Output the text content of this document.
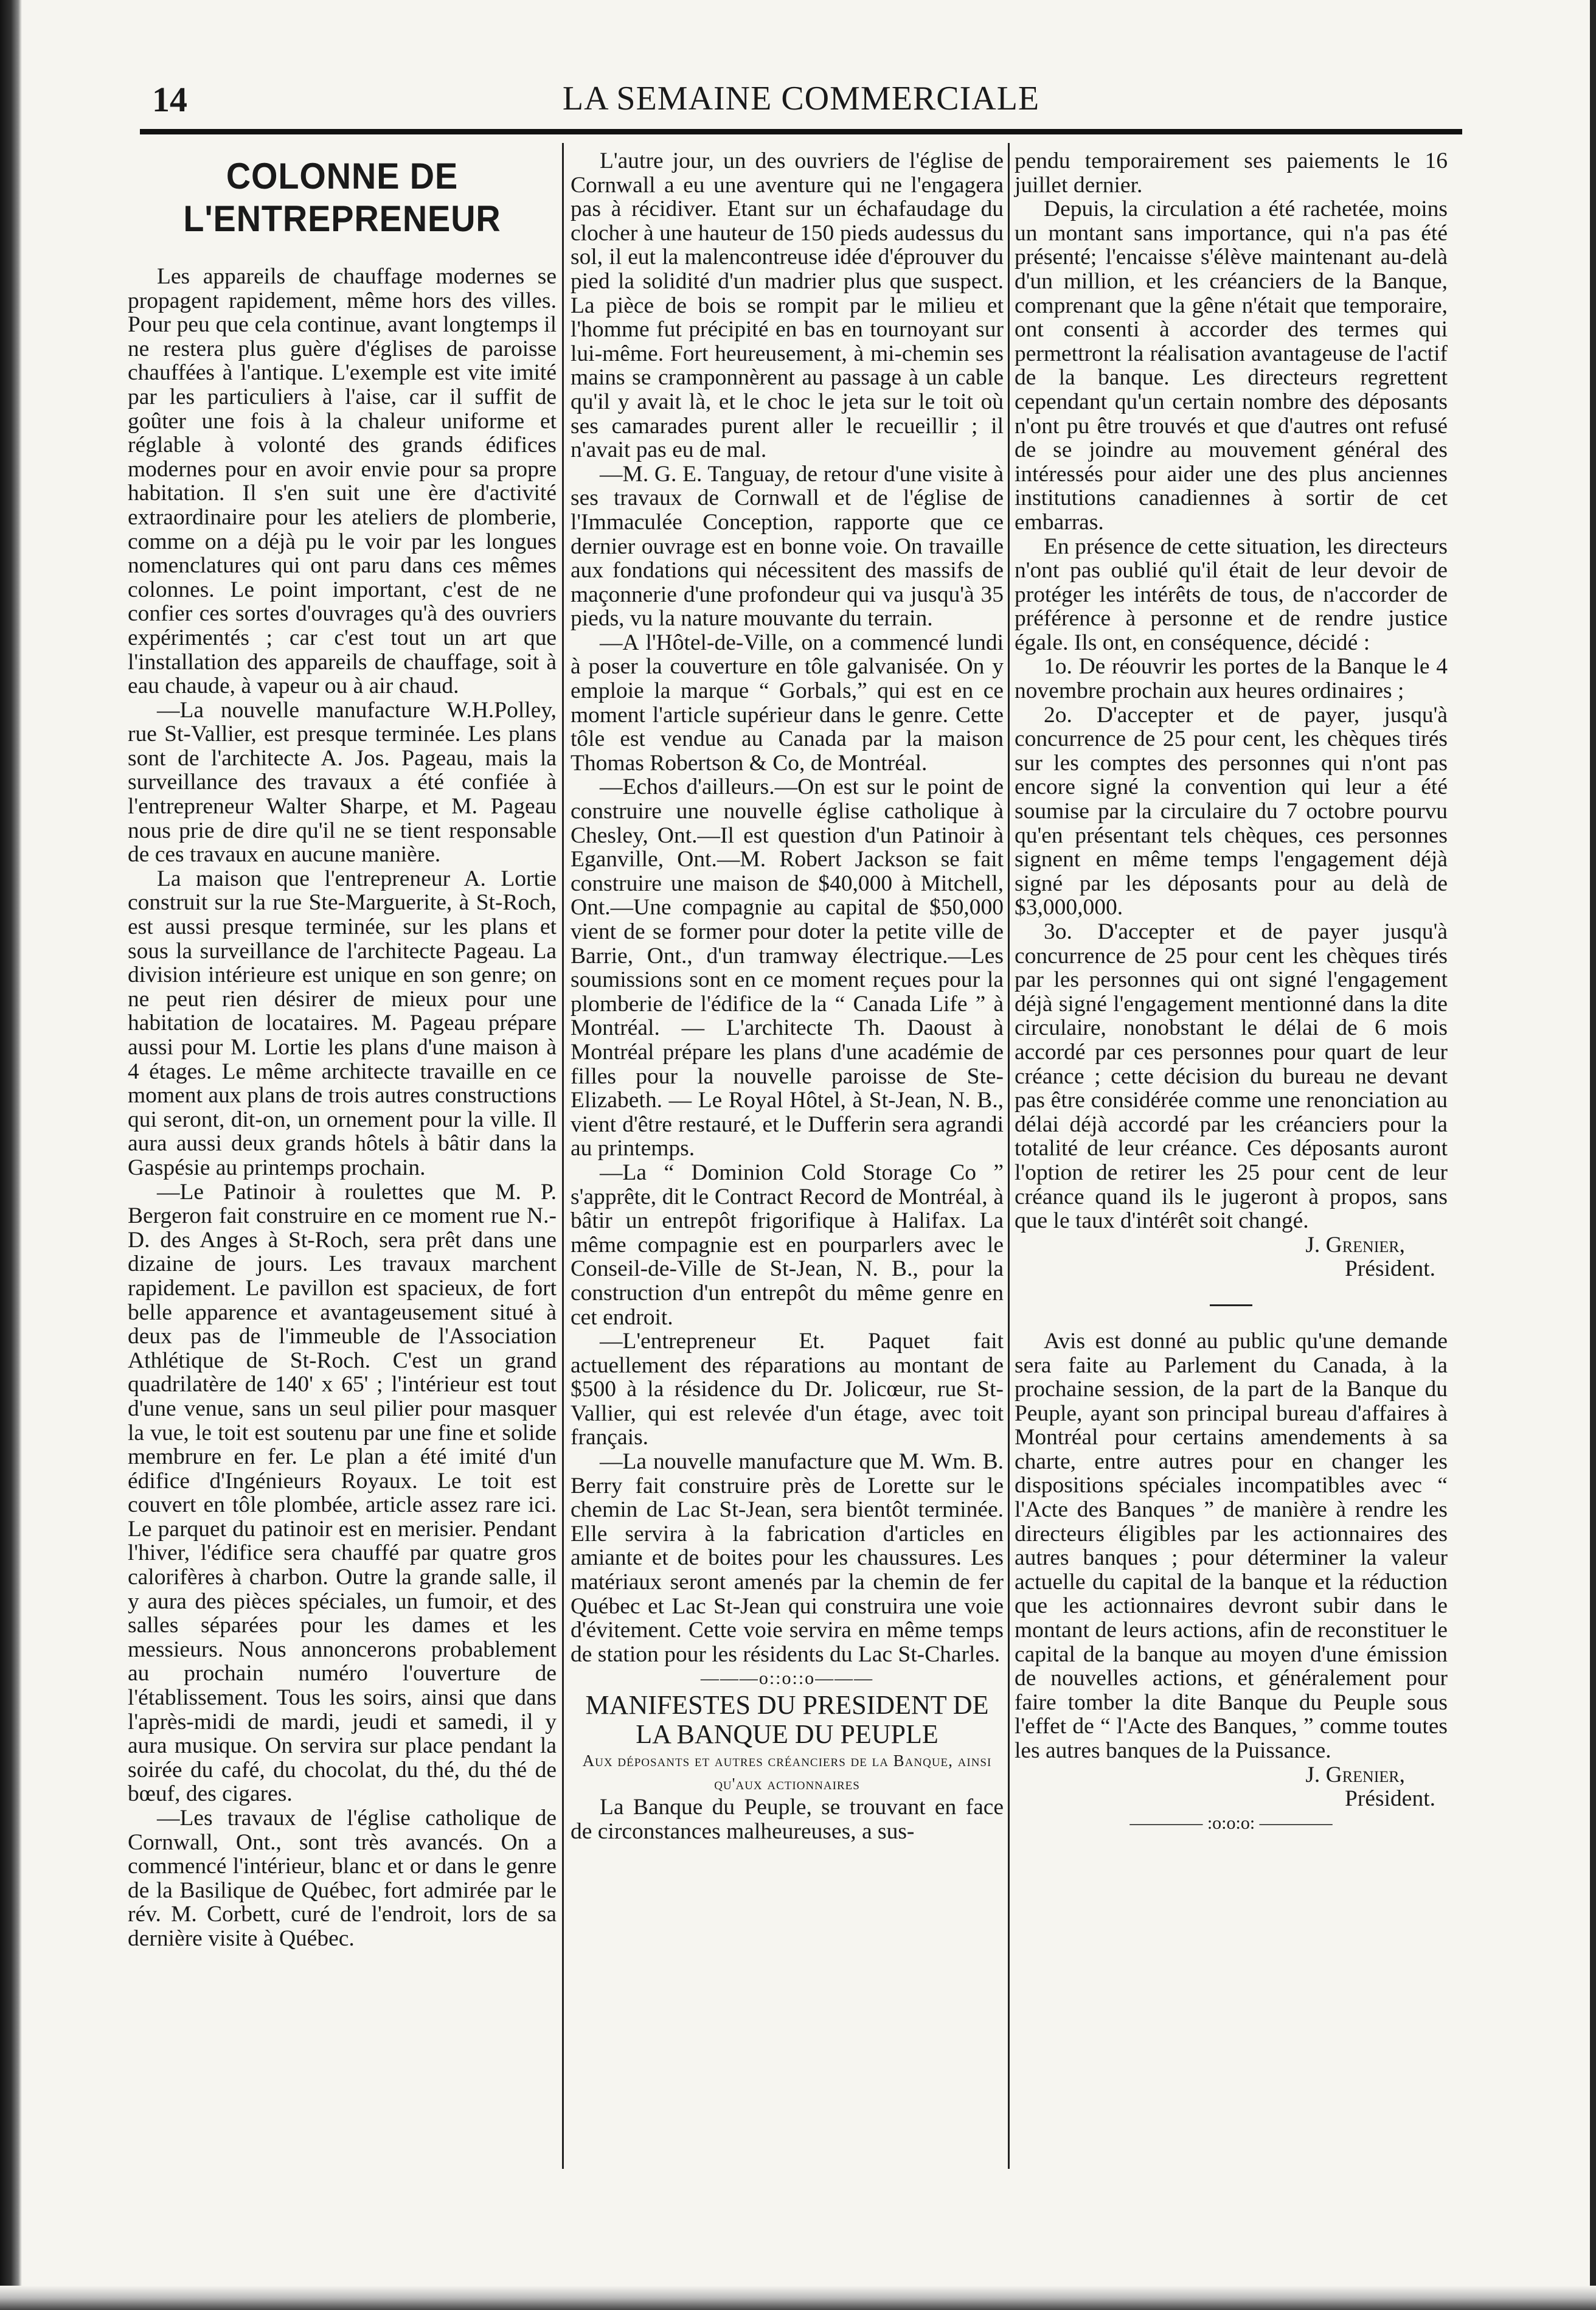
14	LA SEMAINE COMMERCIALE
COLONNE DE L'ENTREPRENEUR

Les appareils de chauffage modernes se propagent rapidement, même hors des villes. Pour peu que cela continue, avant longtemps il ne restera plus guère d'églises de paroisse chauffées à l'antique. L'exemple est vite imité par les particuliers à l'aise, car il suffit de goûter une fois à la chaleur uniforme et réglable à volonté des grands édifices modernes pour en avoir envie pour sa propre habitation. Il s'en suit une ère d'activité extraordinaire pour les ateliers de plomberie, comme on a déjà pu le voir par les longues nomenclatures qui ont paru dans ces mêmes colonnes. Le point important, c'est de ne confier ces sortes d'ouvrages qu'à des ouvriers expérimentés ; car c'est tout un art que l'installation des appareils de chauffage, soit à eau chaude, à vapeur ou à air chaud.

—La nouvelle manufacture W.H.Polley, rue St-Vallier, est presque terminée. Les plans sont de l'architecte A. Jos. Pageau, mais la surveillance des travaux a été confiée à l'entrepreneur Walter Sharpe, et M. Pageau nous prie de dire qu'il ne se tient responsable de ces travaux en aucune manière.

La maison que l'entrepreneur A. Lortie construit sur la rue Ste-Marguerite, à St-Roch, est aussi presque terminée, sur les plans et sous la surveillance de l'architecte Pageau. La division intérieure est unique en son genre; on ne peut rien désirer de mieux pour une habitation de locataires. M. Pageau prépare aussi pour M. Lortie les plans d'une maison à 4 étages. Le même architecte travaille en ce moment aux plans de trois autres constructions qui seront, dit-on, un ornement pour la ville. Il aura aussi deux grands hôtels à bâtir dans la Gaspésie au printemps prochain.

—Le Patinoir à roulettes que M. P. Bergeron fait construire en ce moment rue N.-D. des Anges à St-Roch, sera prêt dans une dizaine de jours. Les travaux marchent rapidement. Le pavillon est spacieux, de fort belle apparence et avantageusement situé à deux pas de l'immeuble de l'Association Athlétique de St-Roch. C'est un grand quadrilatère de 140' x 65' ; l'intérieur est tout d'une venue, sans un seul pilier pour masquer la vue, le toit est soutenu par une fine et solide membrure en fer. Le plan a été imité d'un édifice d'Ingénieurs Royaux. Le toit est couvert en tôle plombée, article assez rare ici. Le parquet du patinoir est en merisier. Pendant l'hiver, l'édifice sera chauffé par quatre gros calorifères à charbon. Outre la grande salle, il y aura des pièces spéciales, un fumoir, et des salles séparées pour les dames et les messieurs. Nous annoncerons probablement au prochain numéro l'ouverture de l'établissement. Tous les soirs, ainsi que dans l'après-midi de mardi, jeudi et samedi, il y aura musique. On servira sur place pendant la soirée du café, du chocolat, du thé, du thé de bœuf, des cigares.

—Les travaux de l'église catholique de Cornwall, Ont., sont très avancés. On a commencé l'intérieur, blanc et or dans le genre de la Basilique de Québec, fort admirée par le rév. M. Corbett, curé de l'endroit, lors de sa dernière visite à Québec.

L'autre jour, un des ouvriers de l'église de Cornwall a eu une aventure qui ne l'engagera pas à récidiver. Etant sur un échafaudage du clocher à une hauteur de 150 pieds audessus du sol, il eut la malencontreuse idée d'éprouver du pied la solidité d'un madrier plus que suspect. La pièce de bois se rompit par le milieu et l'homme fut précipité en bas en tournoyant sur lui-même. Fort heureusement, à mi-chemin ses mains se cramponnèrent au passage à un cable qu'il y avait là, et le choc le jeta sur le toit où ses camarades purent aller le recueillir ; il n'avait pas eu de mal.

—M. G. E. Tanguay, de retour d'une visite à ses travaux de Cornwall et de l'église de l'Immaculée Conception, rapporte que ce dernier ouvrage est en bonne voie. On travaille aux fondations qui nécessitent des massifs de maçonnerie d'une profondeur qui va jusqu'à 35 pieds, vu la nature mouvante du terrain.

—A l'Hôtel-de-Ville, on a commencé lundi à poser la couverture en tôle galvanisée. On y emploie la marque “ Gorbals,” qui est en ce moment l'article supérieur dans le genre. Cette tôle est vendue au Canada par la maison Thomas Robertson & Co, de Montréal.

—Echos d'ailleurs.—On est sur le point de construire une nouvelle église catholique à Chesley, Ont.—Il est question d'un Patinoir à Eganville, Ont.—M. Robert Jackson se fait construire une maison de $40,000 à Mitchell, Ont.—Une compagnie au capital de $50,000 vient de se former pour doter la petite ville de Barrie, Ont., d'un tramway électrique.—Les soumissions sont en ce moment reçues pour la plomberie de l'édifice de la “ Canada Life ” à Montréal. — L'architecte Th. Daoust à Montréal prépare les plans d'une académie de filles pour la nouvelle paroisse de Ste-Elizabeth. — Le Royal Hôtel, à St-Jean, N. B., vient d'être restauré, et le Dufferin sera agrandi au printemps.

—La “ Dominion Cold Storage Co ” s'apprête, dit le Contract Record de Montréal, à bâtir un entrepôt frigorifique à Halifax. La même compagnie est en pourparlers avec le Conseil-de-Ville de St-Jean, N. B., pour la construction d'un entrepôt du même genre en cet endroit.

—L'entrepreneur Et. Paquet fait actuellement des réparations au montant de $500 à la résidence du Dr. Jolicœur, rue St-Vallier, qui est relevée d'un étage, avec toit français.

—La nouvelle manufacture que M. Wm. B. Berry fait construire près de Lorette sur le chemin de Lac St-Jean, sera bientôt terminée. Elle servira à la fabrication d'articles en amiante et de boites pour les chaussures. Les matériaux seront amenés par la chemin de fer Québec et Lac St-Jean qui construira une voie d'évitement. Cette voie servira en même temps de station pour les résidents du Lac St-Charles.

———o::o::o———

MANIFESTES DU PRESIDENT DE LA BANQUE DU PEUPLE

Aux déposants et autres créanciers de la Banque, ainsi qu'aux actionnaires

La Banque du Peuple, se trouvant en face de circonstances malheureuses, a sus-

pendu temporairement ses paiements le 16 juillet dernier.

Depuis, la circulation a été rachetée, moins un montant sans importance, qui n'a pas été présenté; l'encaisse s'élève maintenant au-delà d'un million, et les créanciers de la Banque, comprenant que la gêne n'était que temporaire, ont consenti à accorder des termes qui permettront la réalisation avantageuse de l'actif de la banque. Les directeurs regrettent cependant qu'un certain nombre des déposants n'ont pu être trouvés et que d'autres ont refusé de se joindre au mouvement général des intéressés pour aider une des plus anciennes institutions canadiennes à sortir de cet embarras.

En présence de cette situation, les directeurs n'ont pas oublié qu'il était de leur devoir de protéger les intérêts de tous, de n'accorder de préférence à personne et de rendre justice égale. Ils ont, en conséquence, décidé :

1o. De réouvrir les portes de la Banque le 4 novembre prochain aux heures ordinaires ;

2o. D'accepter et de payer, jusqu'à concurrence de 25 pour cent, les chèques tirés sur les comptes des personnes qui n'ont pas encore signé la convention qui leur a été soumise par la circulaire du 7 octobre pourvu qu'en présentant tels chèques, ces personnes signent en même temps l'engagement déjà signé par les déposants pour au delà de $3,000,000.

3o. D'accepter et de payer jusqu'à concurrence de 25 pour cent les chèques tirés par les personnes qui ont signé l'engagement déjà signé l'engagement mentionné dans la dite circulaire, nonobstant le délai de 6 mois accordé par ces personnes pour quart de leur créance ; cette décision du bureau ne devant pas être considérée comme une renonciation au délai déjà accordé par les créanciers pour la totalité de leur créance. Ces déposants auront l'option de retirer les 25 pour cent de leur créance quand ils le jugeront à propos, sans que le taux d'intérêt soit changé.

J. Grenier,

Président.

Avis est donné au public qu'une demande sera faite au Parlement du Canada, à la prochaine session, de la part de la Banque du Peuple, ayant son principal bureau d'affaires à Montréal pour certains amendements à sa charte, entre autres pour en changer les dispositions spéciales incompatibles avec “ l'Acte des Banques ” de manière à rendre les directeurs éligibles par les actionnaires des autres banques ; pour déterminer la valeur actuelle du capital de la banque et la réduction que les actionnaires devront subir dans le montant de leurs actions, afin de reconstituer le capital de la banque au moyen d'une émission de nouvelles actions, et généralement pour faire tomber la dite Banque du Peuple sous l'effet de “ l'Acte des Banques, ” comme toutes les autres banques de la Puissance.

J. Grenier,

Président.

———— :o:o:o: ————
